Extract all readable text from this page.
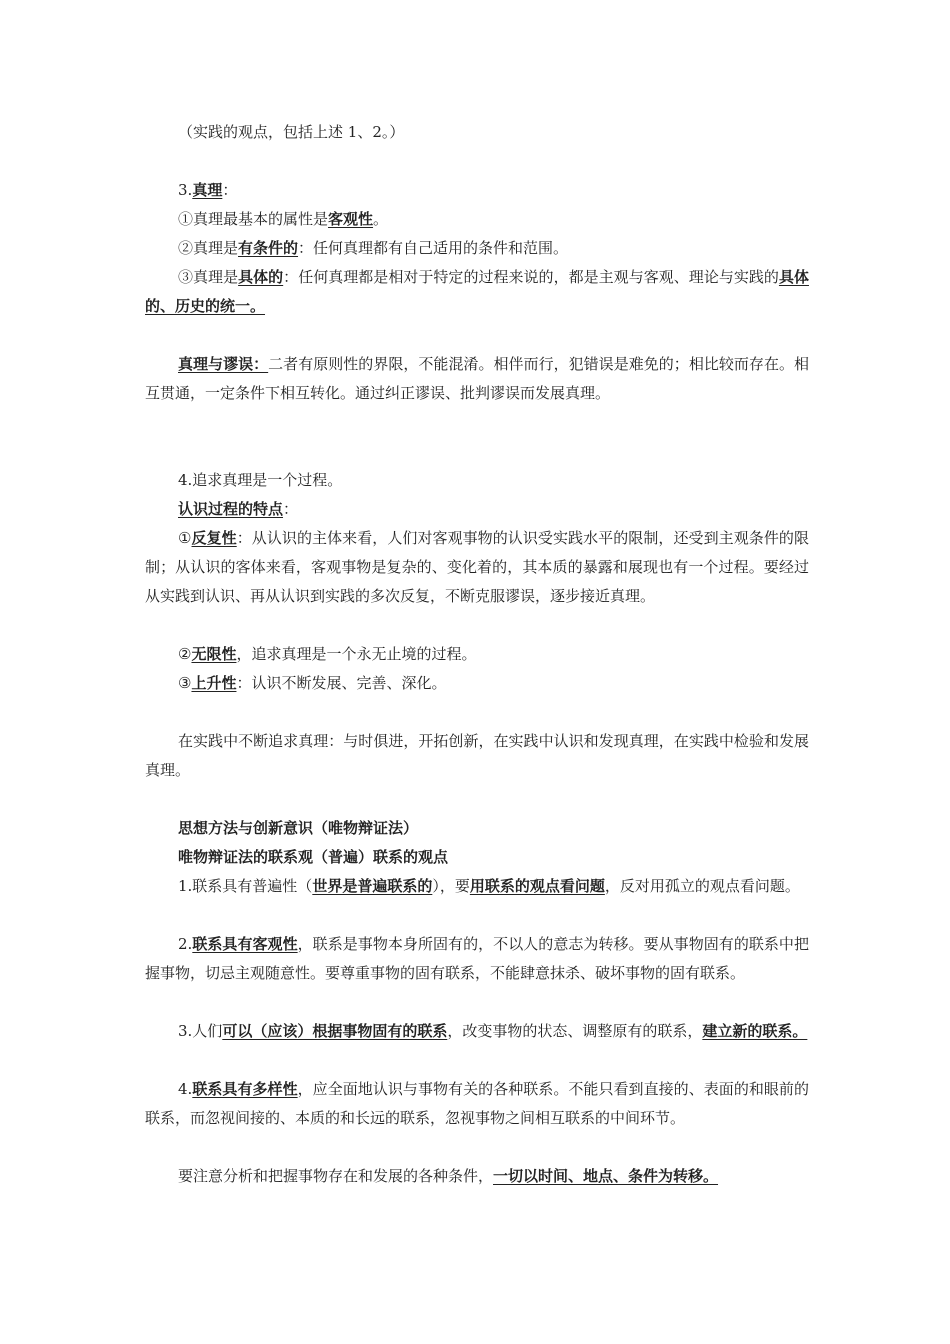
（实践的观点，包括上述 1、2。）

3.真理：

①真理最基本的属性是客观性。

②真理是有条件的：任何真理都有自己适用的条件和范围。

③真理是具体的：任何真理都是相对于特定的过程来说的，都是主观与客观、理论与实践的具体的、历史的统一。

真理与谬误：二者有原则性的界限，不能混淆。相伴而行，犯错误是难免的；相比较而存在。相互贯通，一定条件下相互转化。通过纠正谬误、批判谬误而发展真理。

4.追求真理是一个过程。

认识过程的特点：

①反复性：从认识的主体来看，人们对客观事物的认识受实践水平的限制，还受到主观条件的限制；从认识的客体来看，客观事物是复杂的、变化着的，其本质的暴露和展现也有一个过程。要经过从实践到认识、再从认识到实践的多次反复，不断克服谬误，逐步接近真理。

②无限性，追求真理是一个永无止境的过程。

③上升性：认识不断发展、完善、深化。

在实践中不断追求真理：与时俱进，开拓创新，在实践中认识和发现真理，在实践中检验和发展真理。

思想方法与创新意识（唯物辩证法）

唯物辩证法的联系观（普遍）联系的观点

1.联系具有普遍性（世界是普遍联系的），要用联系的观点看问题，反对用孤立的观点看问题。

2.联系具有客观性，联系是事物本身所固有的，不以人的意志为转移。要从事物固有的联系中把握事物，切忌主观随意性。要尊重事物的固有联系，不能肆意抹杀、破坏事物的固有联系。

3.人们可以（应该）根据事物固有的联系，改变事物的状态、调整原有的联系，建立新的联系。

4.联系具有多样性，应全面地认识与事物有关的各种联系。不能只看到直接的、表面的和眼前的联系，而忽视间接的、本质的和长远的联系，忽视事物之间相互联系的中间环节。

要注意分析和把握事物存在和发展的各种条件，一切以时间、地点、条件为转移。
